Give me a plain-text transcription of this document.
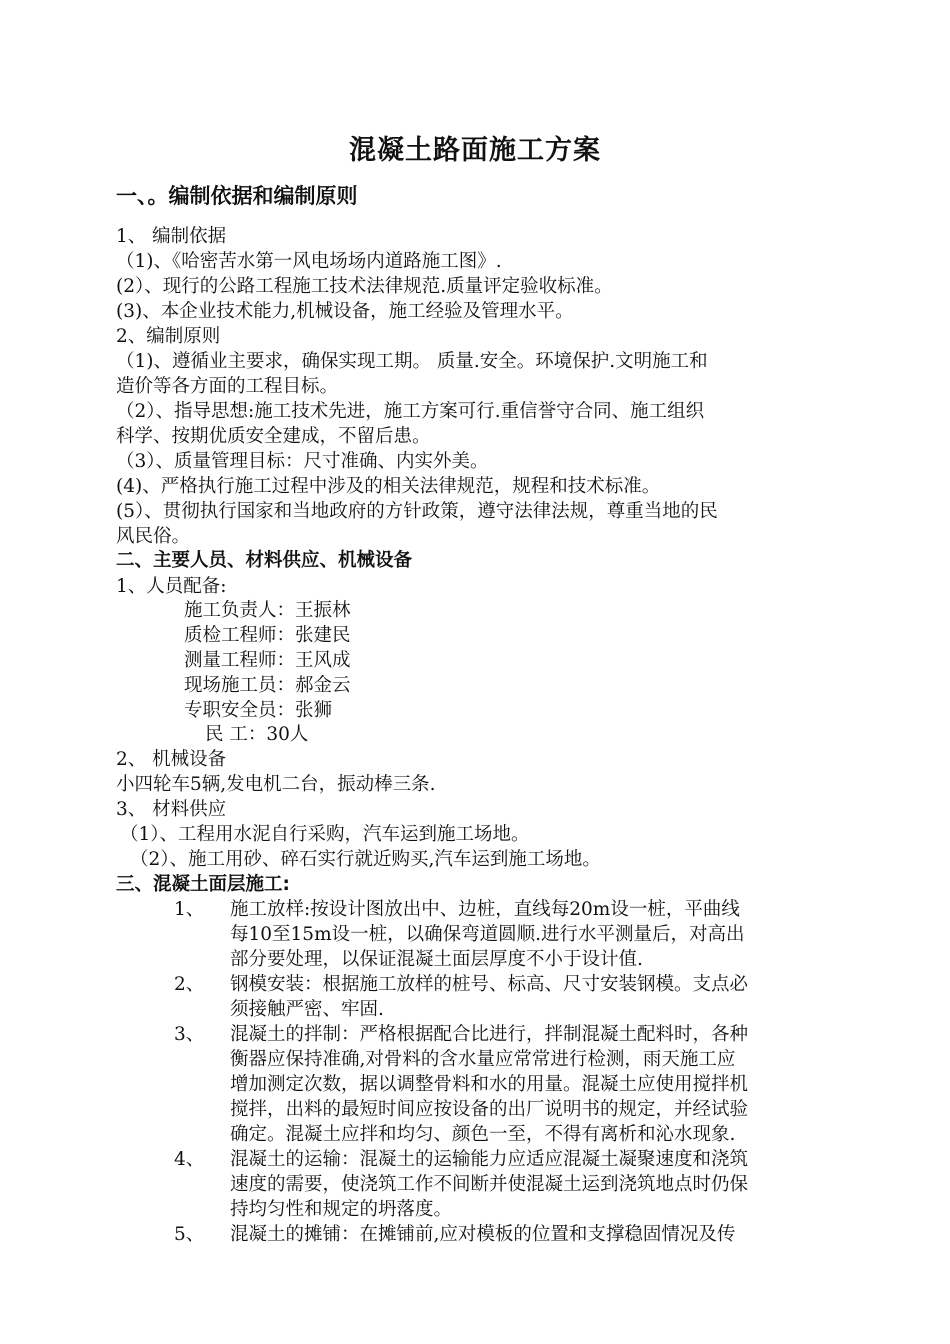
混凝土路面施工方案
一、。编制依据和编制原则
1、 编制依据
（1)、《哈密苦水第一风电场场内道路施工图》.
(2）、现行的公路工程施工技术法律规范.质量评定验收标准。
(3)、本企业技术能力,机械设备，施工经验及管理水平。
2、编制原则
（1)、遵循业主要求，确保实现工期。 质量.安全。环境保护.文明施工和
造价等各方面的工程目标。
（2）、指导思想:施工技术先进，施工方案可行.重信誉守合同、施工组织
科学、按期优质安全建成，不留后患。
（3）、质量管理目标：尺寸准确、内实外美。
(4)、严格执行施工过程中涉及的相关法律规范，规程和技术标准。
(5）、贯彻执行国家和当地政府的方针政策，遵守法律法规，尊重当地的民
风民俗。
二、主要人员、材料供应、机械设备
1、人员配备:
施工负责人：王振林
质检工程师：张建民
测量工程师：王风成
现场施工员：郝金云
专职安全员：张狮
民 工：30人
2、 机械设备
小四轮车5辆,发电机二台，振动棒三条.
3、 材料供应
（1）、工程用水泥自行采购，汽车运到施工场地。
（2）、施工用砂、碎石实行就近购买,汽车运到施工场地。
三、混凝土面层施工:
1、 施工放样:按设计图放出中、边桩，直线每20m设一桩，平曲线
每10至15m设一桩，以确保弯道圆顺.进行水平测量后，对高出
部分要处理，以保证混凝土面层厚度不小于设计值.
2、 钢模安装：根据施工放样的桩号、标高、尺寸安装钢模。支点必
须接触严密、牢固.
3、 混凝土的拌制：严格根据配合比进行，拌制混凝土配料时，各种
衡器应保持准确,对骨料的含水量应常常进行检测，雨天施工应
增加测定次数，据以调整骨料和水的用量。混凝土应使用搅拌机
搅拌，出料的最短时间应按设备的出厂说明书的规定，并经试验
确定。混凝土应拌和均匀、颜色一至，不得有离析和沁水现象.
4、 混凝土的运输：混凝土的运输能力应适应混凝土凝聚速度和浇筑
速度的需要，使浇筑工作不间断并使混凝土运到浇筑地点时仍保
持均匀性和规定的坍落度。
5、 混凝土的摊铺：在摊铺前,应对模板的位置和支撑稳固情况及传
